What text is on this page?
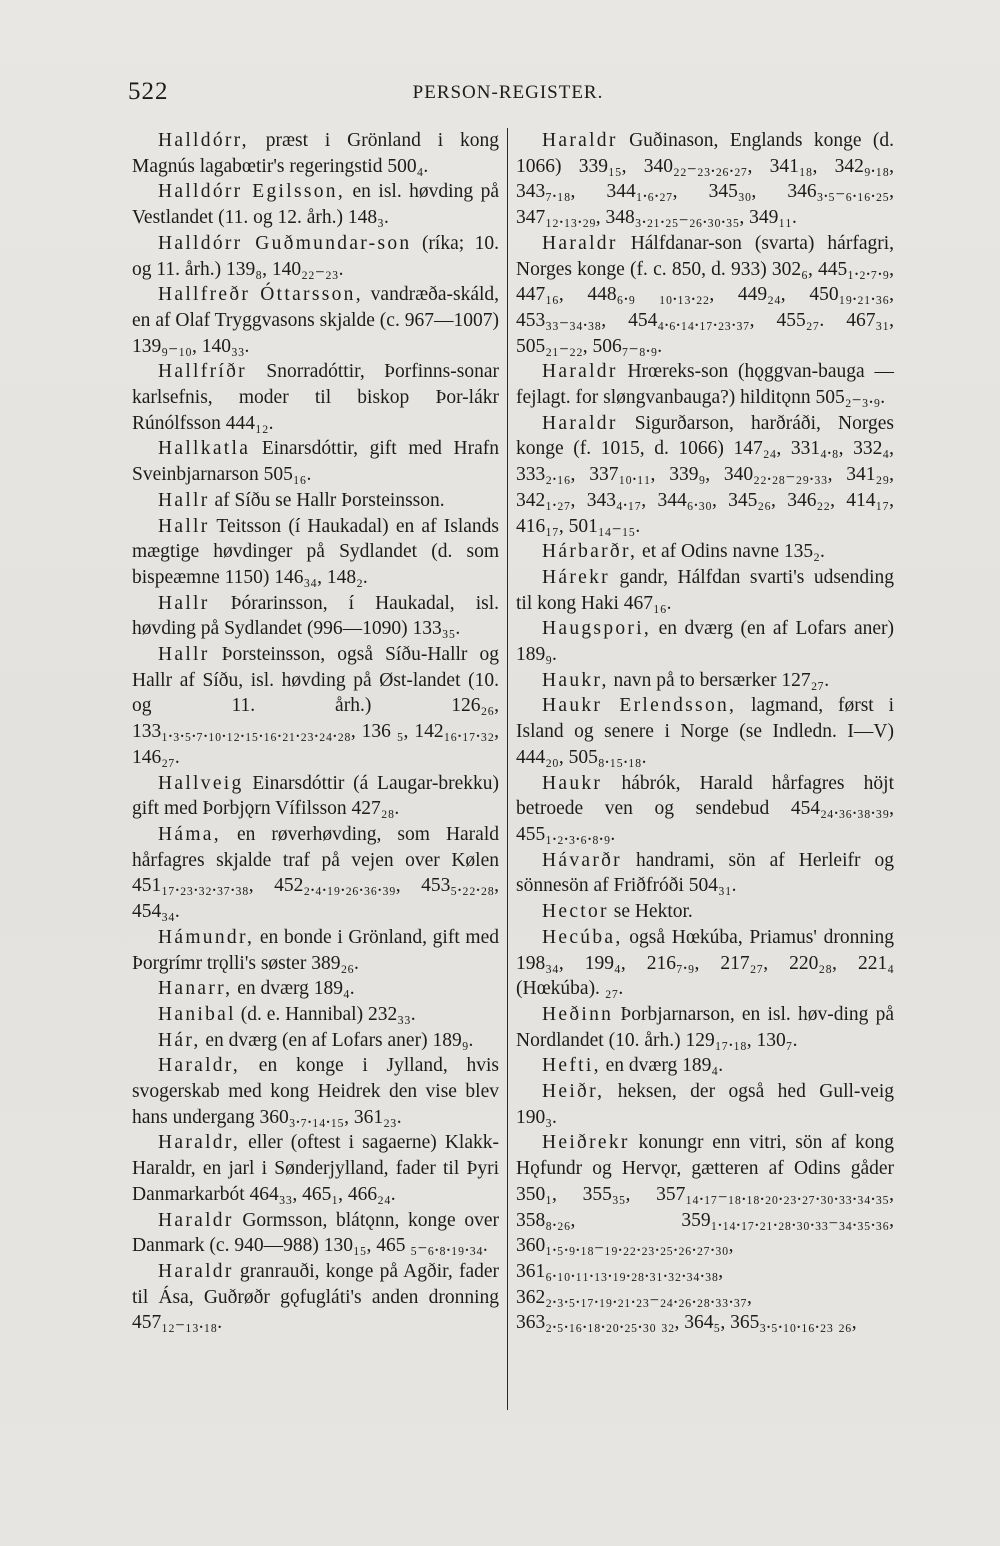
522	PERSON-REGISTER.

Halldórr, præst i Grönland i kong Magnús lagabœtir's regeringstid 500₄.

Halldórr Egilsson, en isl. høvding på Vestlandet (11. og 12. årh.) 148₃.

Halldórr Guðmundar-son (ríka; 10. og 11. årh.) 139₈, 140₂₂₋₂₃.

Hallfreðr Óttarsson, vandræða-skáld, en af Olaf Tryggvasons skjalde (c. 967—1007) 139₉₋₁₀, 140₃₃.

Hallfríðr Snorradóttir, Þorfinns-sonar karlsefnis, moder til biskop Þor-lákr Rúnólfsson 444₁₂.

Hallkatla Einarsdóttir, gift med Hrafn Sveinbjarnarson 505₁₆.

Hallr af Síðu se Hallr Þorsteinsson.

Hallr Teitsson (í Haukadal) en af Islands mægtige høvdinger på Sydlandet (d. som bispeæmne 1150) 146₃₄, 148₂.

Hallr Þórarinsson, í Haukadal, isl. høvding på Sydlandet (996—1090) 133₃₅.

Hallr Þorsteinsson, også Síðu-Hallr og Hallr af Síðu, isl. høvding på Øst-landet (10. og 11. årh.) 126₂₆, 133₁.₃.₅.₇.₁₀.₁₂.₁₅.₁₆.₂₁.₂₃.₂₄.₂₈, 136 ₅, 142₁₆.₁₇.₃₂, 146₂₇.

Hallveig Einarsdóttir (á Laugar-brekku) gift med Þorbjǫrn Vífilsson 427₂₈.

Háma, en røverhøvding, som Harald hårfagres skjalde traf på vejen over Kølen 451₁₇.₂₃.₃₂.₃₇.₃₈, 452₂.₄.₁₉.₂₆.₃₆.₃₉, 453₅.₂₂.₂₈, 454₃₄.

Hámundr, en bonde i Grönland, gift med Þorgrímr trǫlli's søster 389₂₆.

Hanarr, en dværg 189₄.

Hanibal (d. e. Hannibal) 232₃₃.

Hár, en dværg (en af Lofars aner) 189₉.

Haraldr, en konge i Jylland, hvis svogerskab med kong Heidrek den vise blev hans undergang 360₃.₇.₁₄.₁₅, 361₂₃.

Haraldr, eller (oftest i sagaerne) Klakk-Haraldr, en jarl i Sønderjylland, fader til Þyri Danmarkarbót 464₃₃, 465₁, 466₂₄.

Haraldr Gormsson, blátǫnn, konge over Danmark (c. 940—988) 130₁₅, 465 ₅₋₆.₈.₁₉.₃₄.

Haraldr granrauði, konge på Agðir, fader til Ása, Guðrøðr gǫfugláti's anden dronning 457₁₂₋₁₃.₁₈.

Haraldr Guðinason, Englands konge (d. 1066) 339₁₅, 340₂₂₋₂₃.₂₆.₂₇, 341₁₈, 342₉.₁₈, 343₇.₁₈, 344₁.₆.₂₇, 345₃₀, 346₃.₅₋₆.₁₆.₂₅, 347₁₂.₁₃.₂₉, 348₃.₂₁.₂₅₋₂₆.₃₀.₃₅, 349₁₁.

Haraldr Hálfdanar-son (svarta) hárfagri, Norges konge (f. c. 850, d. 933) 302₆, 445₁.₂.₇.₉, 447₁₆, 448₆.₉ ₁₀.₁₃.₂₂, 449₂₄, 450₁₉.₂₁.₃₆, 453₃₃₋₃₄.₃₈, 454₄.₆.₁₄.₁₇.₂₃.₃₇, 455₂₇. 467₃₁, 505₂₁₋₂₂, 506₇₋₈.₉.

Haraldr Hrœreks-son (hǫggvan-bauga — fejlagt. for sløngvanbauga?) hilditǫnn 505₂₋₃.₉.

Haraldr Sigurðarson, harðráði, Norges konge (f. 1015, d. 1066) 147₂₄, 331₄.₈, 332₄, 333₂.₁₆, 337₁₀.₁₁, 339₉, 340₂₂.₂₈₋₂₉.₃₃, 341₂₉, 342₁.₂₇, 343₄.₁₇, 344₆.₃₀, 345₂₆, 346₂₂, 414₁₇, 416₁₇, 501₁₄₋₁₅.

Hárbarðr, et af Odins navne 135₂.

Hárekr gandr, Hálfdan svarti's udsending til kong Haki 467₁₆.

Haugspori, en dværg (en af Lofars aner) 189₉.

Haukr, navn på to bersærker 127₂₇.

Haukr Erlendsson, lagmand, først i Island og senere i Norge (se Indledn. I—V) 444₂₀, 505₈.₁₅.₁₈.

Haukr hábrók, Harald hårfagres höjt betroede ven og sendebud 454₂₄.₃₆.₃₈.₃₉, 455₁.₂.₃.₆.₈.₉.

Hávarðr handrami, sön af Herleifr og sönnesön af Friðfróði 504₃₁.

Hector se Hektor.

Hecúba, også Hœkúba, Priamus' dronning 198₃₄, 199₄, 216₇.₉, 217₂₇, 220₂₈, 221₄ (Hœkúba). ₂₇.

Heðinn Þorbjarnarson, en isl. høv-ding på Nordlandet (10. årh.) 129₁₇.₁₈, 130₇.

Hefti, en dværg 189₄.

Heiðr, heksen, der også hed Gull-veig 190₃.

Heiðrekr konungr enn vitri, sön af kong Hǫfundr og Hervǫr, gætteren af Odins gåder 350₁, 355₃₅, 357₁₄.₁₇₋₁₈.₁₈.₂₀.₂₃.₂₇.₃₀.₃₃.₃₄.₃₅, 358₈.₂₆, 359₁.₁₄.₁₇.₂₁.₂₈.₃₀.₃₃₋₃₄.₃₅.₃₆, 360₁.₅.₉.₁₈₋₁₉.₂₂.₂₃.₂₅.₂₆.₂₇.₃₀, 361₆.₁₀.₁₁.₁₃.₁₉.₂₈.₃₁.₃₂.₃₄.₃₈, 362₂.₃.₅.₁₇.₁₉.₂₁.₂₃₋₂₄.₂₆.₂₈.₃₃.₃₇, 363₂.₅.₁₆.₁₈.₂₀.₂₅.₃₀ ₃₂, 364₅, 365₃.₅.₁₀.₁₆.₂₃ ₂₆,
